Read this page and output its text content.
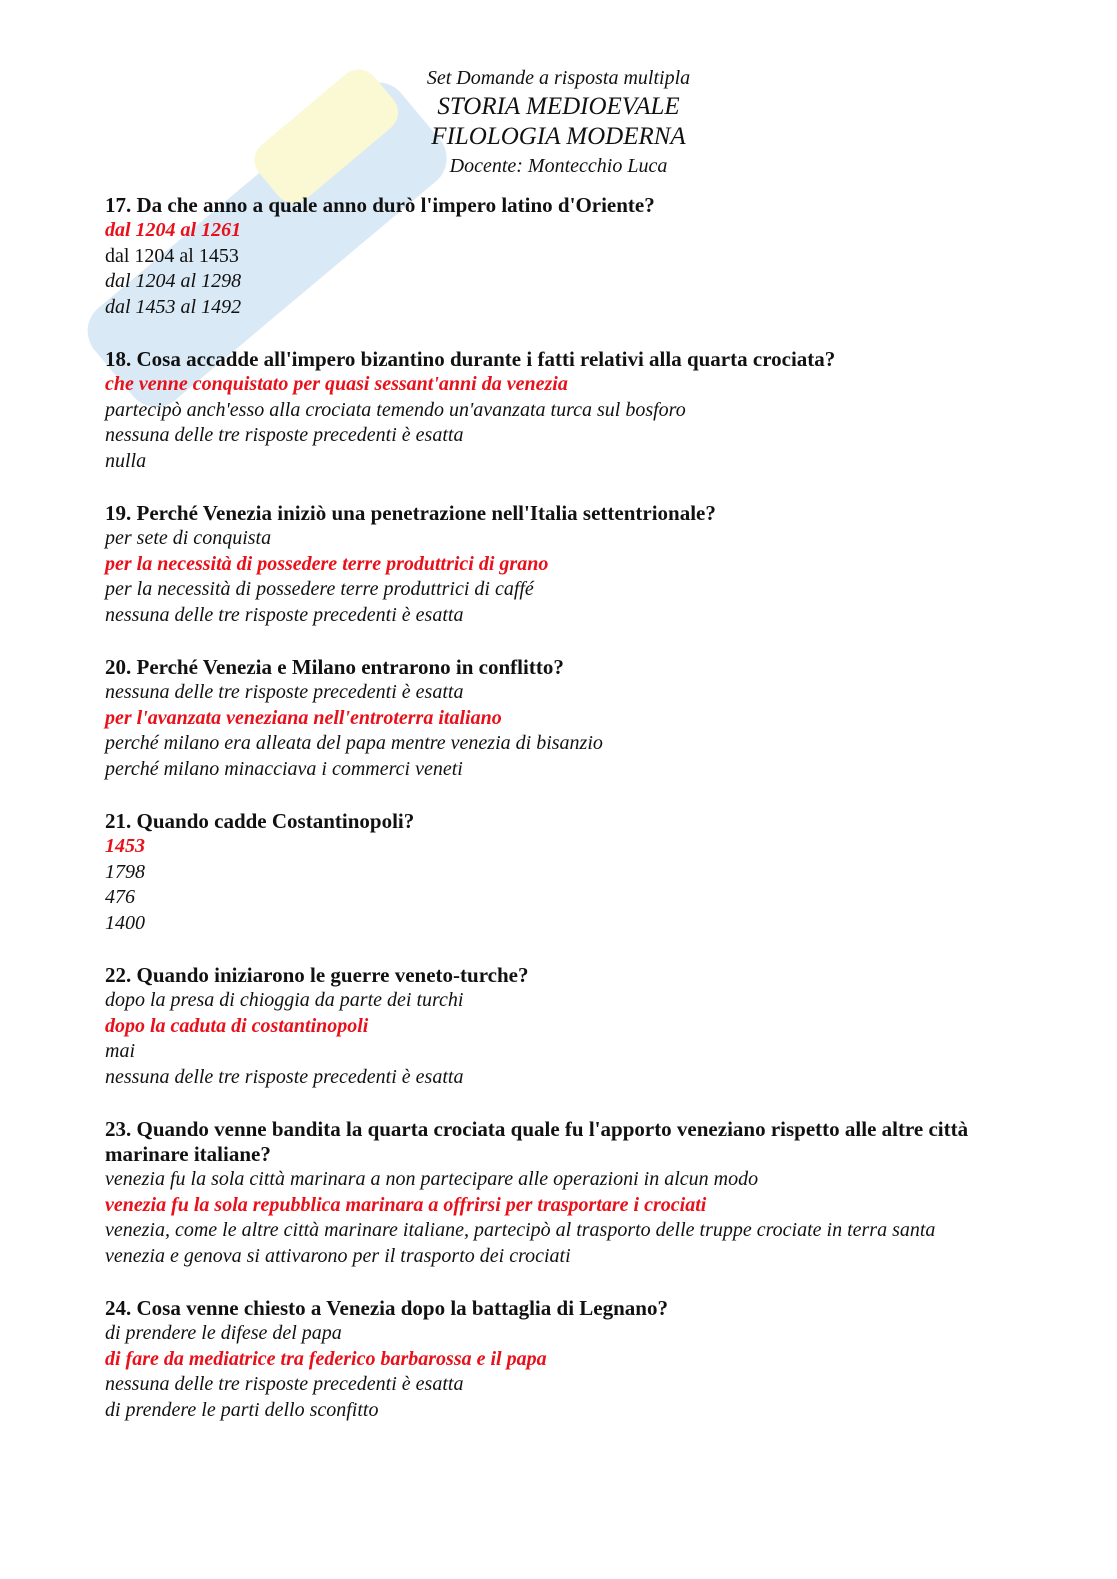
Set Domande a risposta multipla
STORIA MEDIOEVALE
FILOLOGIA MODERNA
Docente: Montecchio Luca

17. Da che anno a quale anno durò l'impero latino d'Oriente?

dal 1204 al 1261

dal 1204 al 1453

dal 1204 al 1298

dal 1453 al 1492

18. Cosa accadde all'impero bizantino durante i fatti relativi alla quarta crociata?

che venne conquistato per quasi sessant'anni da venezia

partecipò anch'esso alla crociata temendo un'avanzata turca sul bosforo

nessuna delle tre risposte precedenti è esatta

nulla

19. Perché Venezia iniziò una penetrazione nell'Italia settentrionale?

per sete di conquista

per la necessità di possedere terre produttrici di grano

per la necessità di possedere terre produttrici di caffé

nessuna delle tre risposte precedenti è esatta

20. Perché Venezia e Milano entrarono in conflitto?

nessuna delle tre risposte precedenti è esatta

per l'avanzata veneziana nell'entroterra italiano

perché milano era alleata del papa mentre venezia di bisanzio

perché milano minacciava i commerci veneti

21. Quando cadde Costantinopoli?

1453

1798

476

1400

22. Quando iniziarono le guerre veneto-turche?

dopo la presa di chioggia da parte dei turchi

dopo la caduta di costantinopoli

mai

nessuna delle tre risposte precedenti è esatta

23. Quando venne bandita la quarta crociata quale fu l'apporto veneziano rispetto alle altre città marinare italiane?

venezia fu la sola città marinara a non partecipare alle operazioni in alcun modo

venezia fu la sola repubblica marinara a offrirsi per trasportare i crociati

venezia, come le altre città marinare italiane, partecipò al trasporto delle truppe crociate in terra santa

venezia e genova si attivarono per il trasporto dei crociati

24. Cosa venne chiesto a Venezia dopo la battaglia di Legnano?

di prendere le difese del papa

di fare da mediatrice tra federico barbarossa e il papa

nessuna delle tre risposte precedenti è esatta

di prendere le parti dello sconfitto
